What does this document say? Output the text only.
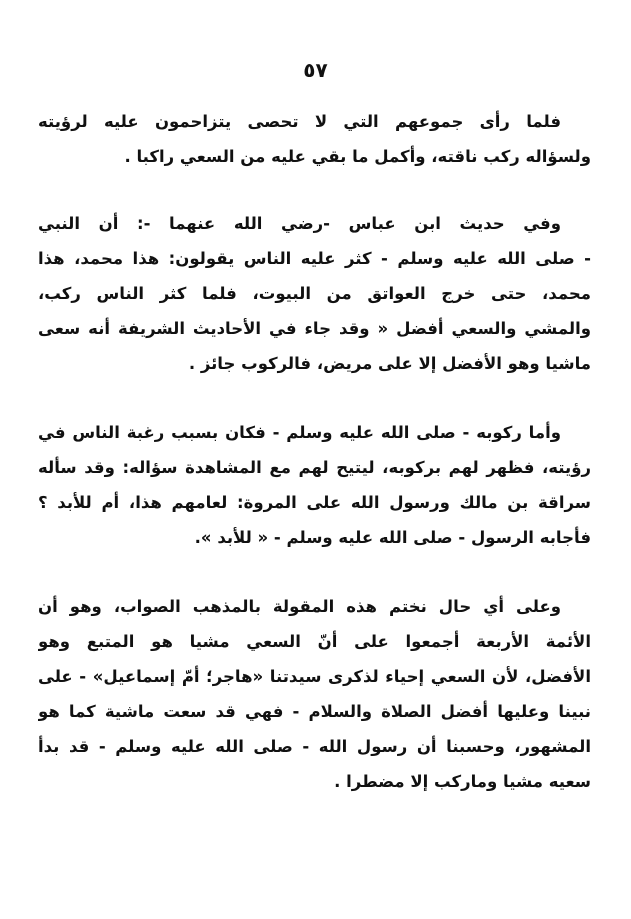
٥٧
فلما رأى جموعهم التي لا تحصى يتزاحمون عليه لرؤيته
ولسؤاله ركب ناقته، وأكمل ما بقي عليه من السعي راكبا .
وفي حديث ابن عباس -رضي الله عنهما -: أن النبي
- صلى الله عليه وسلم - كثر عليه الناس يقولون: هذا محمد، هذا
محمد، حتى خرج العواتق من البيوت، فلما كثر الناس ركب،
والمشي والسعي أفضل « وقد جاء في الأحاديث الشريفة أنه سعى
ماشيا وهو الأفضل إلا على مريض، فالركوب جائز .
وأما ركوبه - صلى الله عليه وسلم - فكان بسبب رغبة الناس في
رؤيته، فظهر لهم بركوبه، ليتيح لهم مع المشاهدة سؤاله: وقد سأله
سراقة بن مالك ورسول الله على المروة: لعامهم هذا، أم للأبد ؟
فأجابه الرسول - صلى الله عليه وسلم - « للأبد ».
وعلى أي حال نختم هذه المقولة بالمذهب الصواب، وهو أن
الأئمة الأربعة أجمعوا على أنّ السعي مشيا هو المتبع وهو
الأفضل، لأن السعي إحياء لذكرى سيدتنا «هاجر؛ أمّ إسماعيل» - على
نبينا وعليها أفضل الصلاة والسلام - فهي قد سعت ماشية كما هو
المشهور، وحسبنا أن رسول الله - صلى الله عليه وسلم - قد بدأ
سعيه مشيا وماركب إلا مضطرا .
